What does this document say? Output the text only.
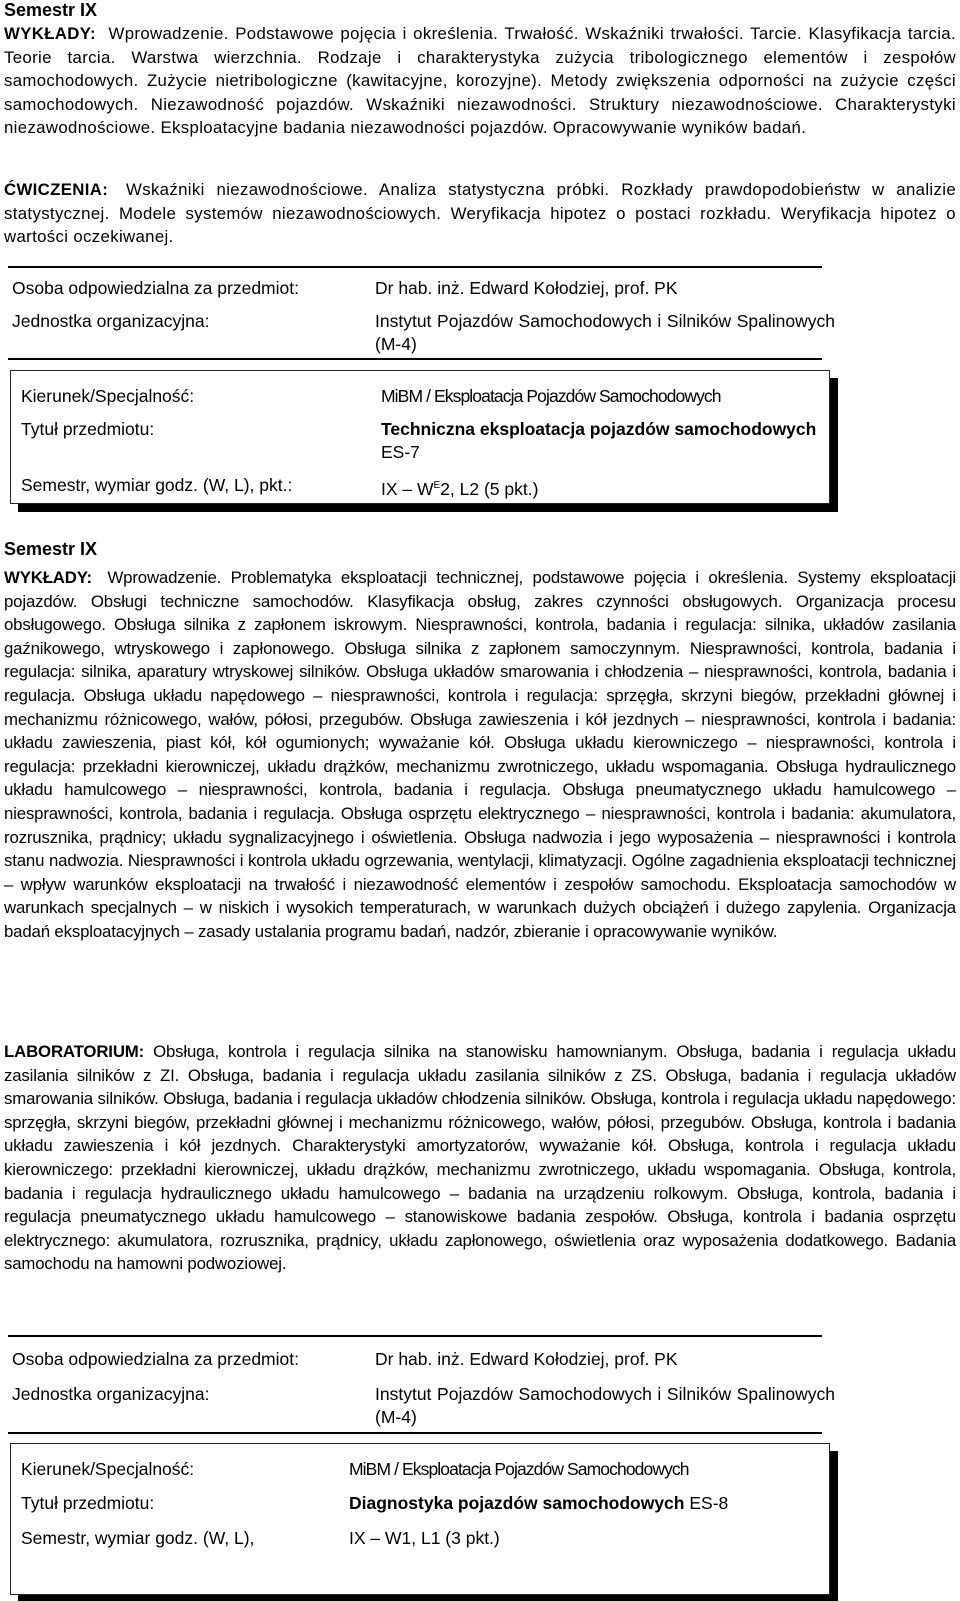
Semestr IX
WYKŁADY: Wprowadzenie. Podstawowe pojęcia i określenia. Trwałość. Wskaźniki trwałości. Tarcie. Klasyfikacja tarcia. Teorie tarcia. Warstwa wierzchnia. Rodzaje i charakterystyka zużycia tribologicznego elementów i zespołów samochodowych. Zużycie nietribologiczne (kawitacyjne, korozyjne). Metody zwiększenia odporności na zużycie części samochodowych. Niezawodność pojazdów. Wskaźniki niezawodności. Struktury niezawodnościowe. Charakterystyki niezawodnościowe. Eksploatacyjne badania niezawodności pojazdów. Opracowywanie wyników badań.
ĆWICZENIA: Wskaźniki niezawodnościowe. Analiza statystyczna próbki. Rozkłady prawdopodobieństw w analizie statystycznej. Modele systemów niezawodnościowych. Weryfikacja hipotez o postaci rozkładu. Weryfikacja hipotez o wartości oczekiwanej.
Osoba odpowiedzialna za przedmiot:	Dr hab. inż. Edward Kołodziej, prof. PK
Jednostka organizacyjna:	Instytut Pojazdów Samochodowych i Silników Spalinowych (M-4)
Kierunek/Specjalność:	MiBM / Eksploatacja Pojazdów Samochodowych
Tytuł przedmiotu:	Techniczna eksploatacja pojazdów samochodowych ES-7
Semestr, wymiar godz. (W, L), pkt.:	IX – $W^E2$, L2 (5 pkt.)
Semestr IX
WYKŁADY: Wprowadzenie. Problematyka eksploatacji technicznej, podstawowe pojęcia i określenia. Systemy eksploatacji pojazdów. Obsługi techniczne samochodów. Klasyfikacja obsług, zakres czynności obsługowych. Organizacja procesu obsługowego. Obsługa silnika z zapłonem iskrowym. Niesprawności, kontrola, badania i regulacja: silnika, układów zasilania gaźnikowego, wtryskowego i zapłonowego. Obsługa silnika z zapłonem samoczynnym. Niesprawności, kontrola, badania i regulacja: silnika, aparatury wtryskowej silników. Obsługa układów smarowania i chłodzenia – niesprawności, kontrola, badania i regulacja. Obsługa układu napędowego – niesprawności, kontrola i regulacja: sprzęgła, skrzyni biegów, przekładni głównej i mechanizmu różnicowego, wałów, półosi, przegubów. Obsługa zawieszenia i kół jezdnych – niesprawności, kontrola i badania: układu zawieszenia, piast kół, kół ogumionych; wyważanie kół. Obsługa układu kierowniczego – niesprawności, kontrola i regulacja: przekładni kierowniczej, układu drążków, mechanizmu zwrotniczego, układu wspomagania. Obsługa hydraulicznego układu hamulcowego – niesprawności, kontrola, badania i regulacja. Obsługa pneumatycznego układu hamulcowego – niesprawności, kontrola, badania i regulacja. Obsługa osprzętu elektrycznego – niesprawności, kontrola i badania: akumulatora, rozrusznika, prądnicy; układu sygnalizacyjnego i oświetlenia. Obsługa nadwozia i jego wyposażenia – niesprawności i kontrola stanu nadwozia. Niesprawności i kontrola układu ogrzewania, wentylacji, klimatyzacji. Ogólne zagadnienia eksploatacji technicznej – wpływ warunków eksploatacji na trwałość i niezawodność elementów i zespołów samochodu. Eksploatacja samochodów w warunkach specjalnych – w niskich i wysokich temperaturach, w warunkach dużych obciążeń i dużego zapylenia. Organizacja badań eksploatacyjnych – zasady ustalania programu badań, nadzór, zbieranie i opracowywanie wyników.
LABORATORIUM: Obsługa, kontrola i regulacja silnika na stanowisku hamownianym. Obsługa, badania i regulacja układu zasilania silników z ZI. Obsługa, badania i regulacja układu zasilania silników z ZS. Obsługa, badania i regulacja układów smarowania silników. Obsługa, badania i regulacja układów chłodzenia silników. Obsługa, kontrola i regulacja układu napędowego: sprzęgła, skrzyni biegów, przekładni głównej i mechanizmu różnicowego, wałów, półosi, przegubów. Obsługa, kontrola i badania układu zawieszenia i kół jezdnych. Charakterystyki amortyzatorów, wyważanie kół. Obsługa, kontrola i regulacja układu kierowniczego: przekładni kierowniczej, układu drążków, mechanizmu zwrotniczego, układu wspomagania. Obsługa, kontrola, badania i regulacja hydraulicznego układu hamulcowego – badania na urządzeniu rolkowym. Obsługa, kontrola, badania i regulacja pneumatycznego układu hamulcowego – stanowiskowe badania zespołów. Obsługa, kontrola i badania osprzętu elektrycznego: akumulatora, rozrusznika, prądnicy, układu zapłonowego, oświetlenia oraz wyposażenia dodatkowego. Badania samochodu na hamowni podwoziowej.
Osoba odpowiedzialna za przedmiot:	Dr hab. inż. Edward Kołodziej, prof. PK
Jednostka organizacyjna:	Instytut Pojazdów Samochodowych i Silników Spalinowych (M-4)
Kierunek/Specjalność:	MiBM / Eksploatacja Pojazdów Samochodowych
Tytuł przedmiotu:	Diagnostyka pojazdów samochodowych ES-8
Semestr, wymiar godz. (W, L),	IX – W1, L1 (3 pkt.)
